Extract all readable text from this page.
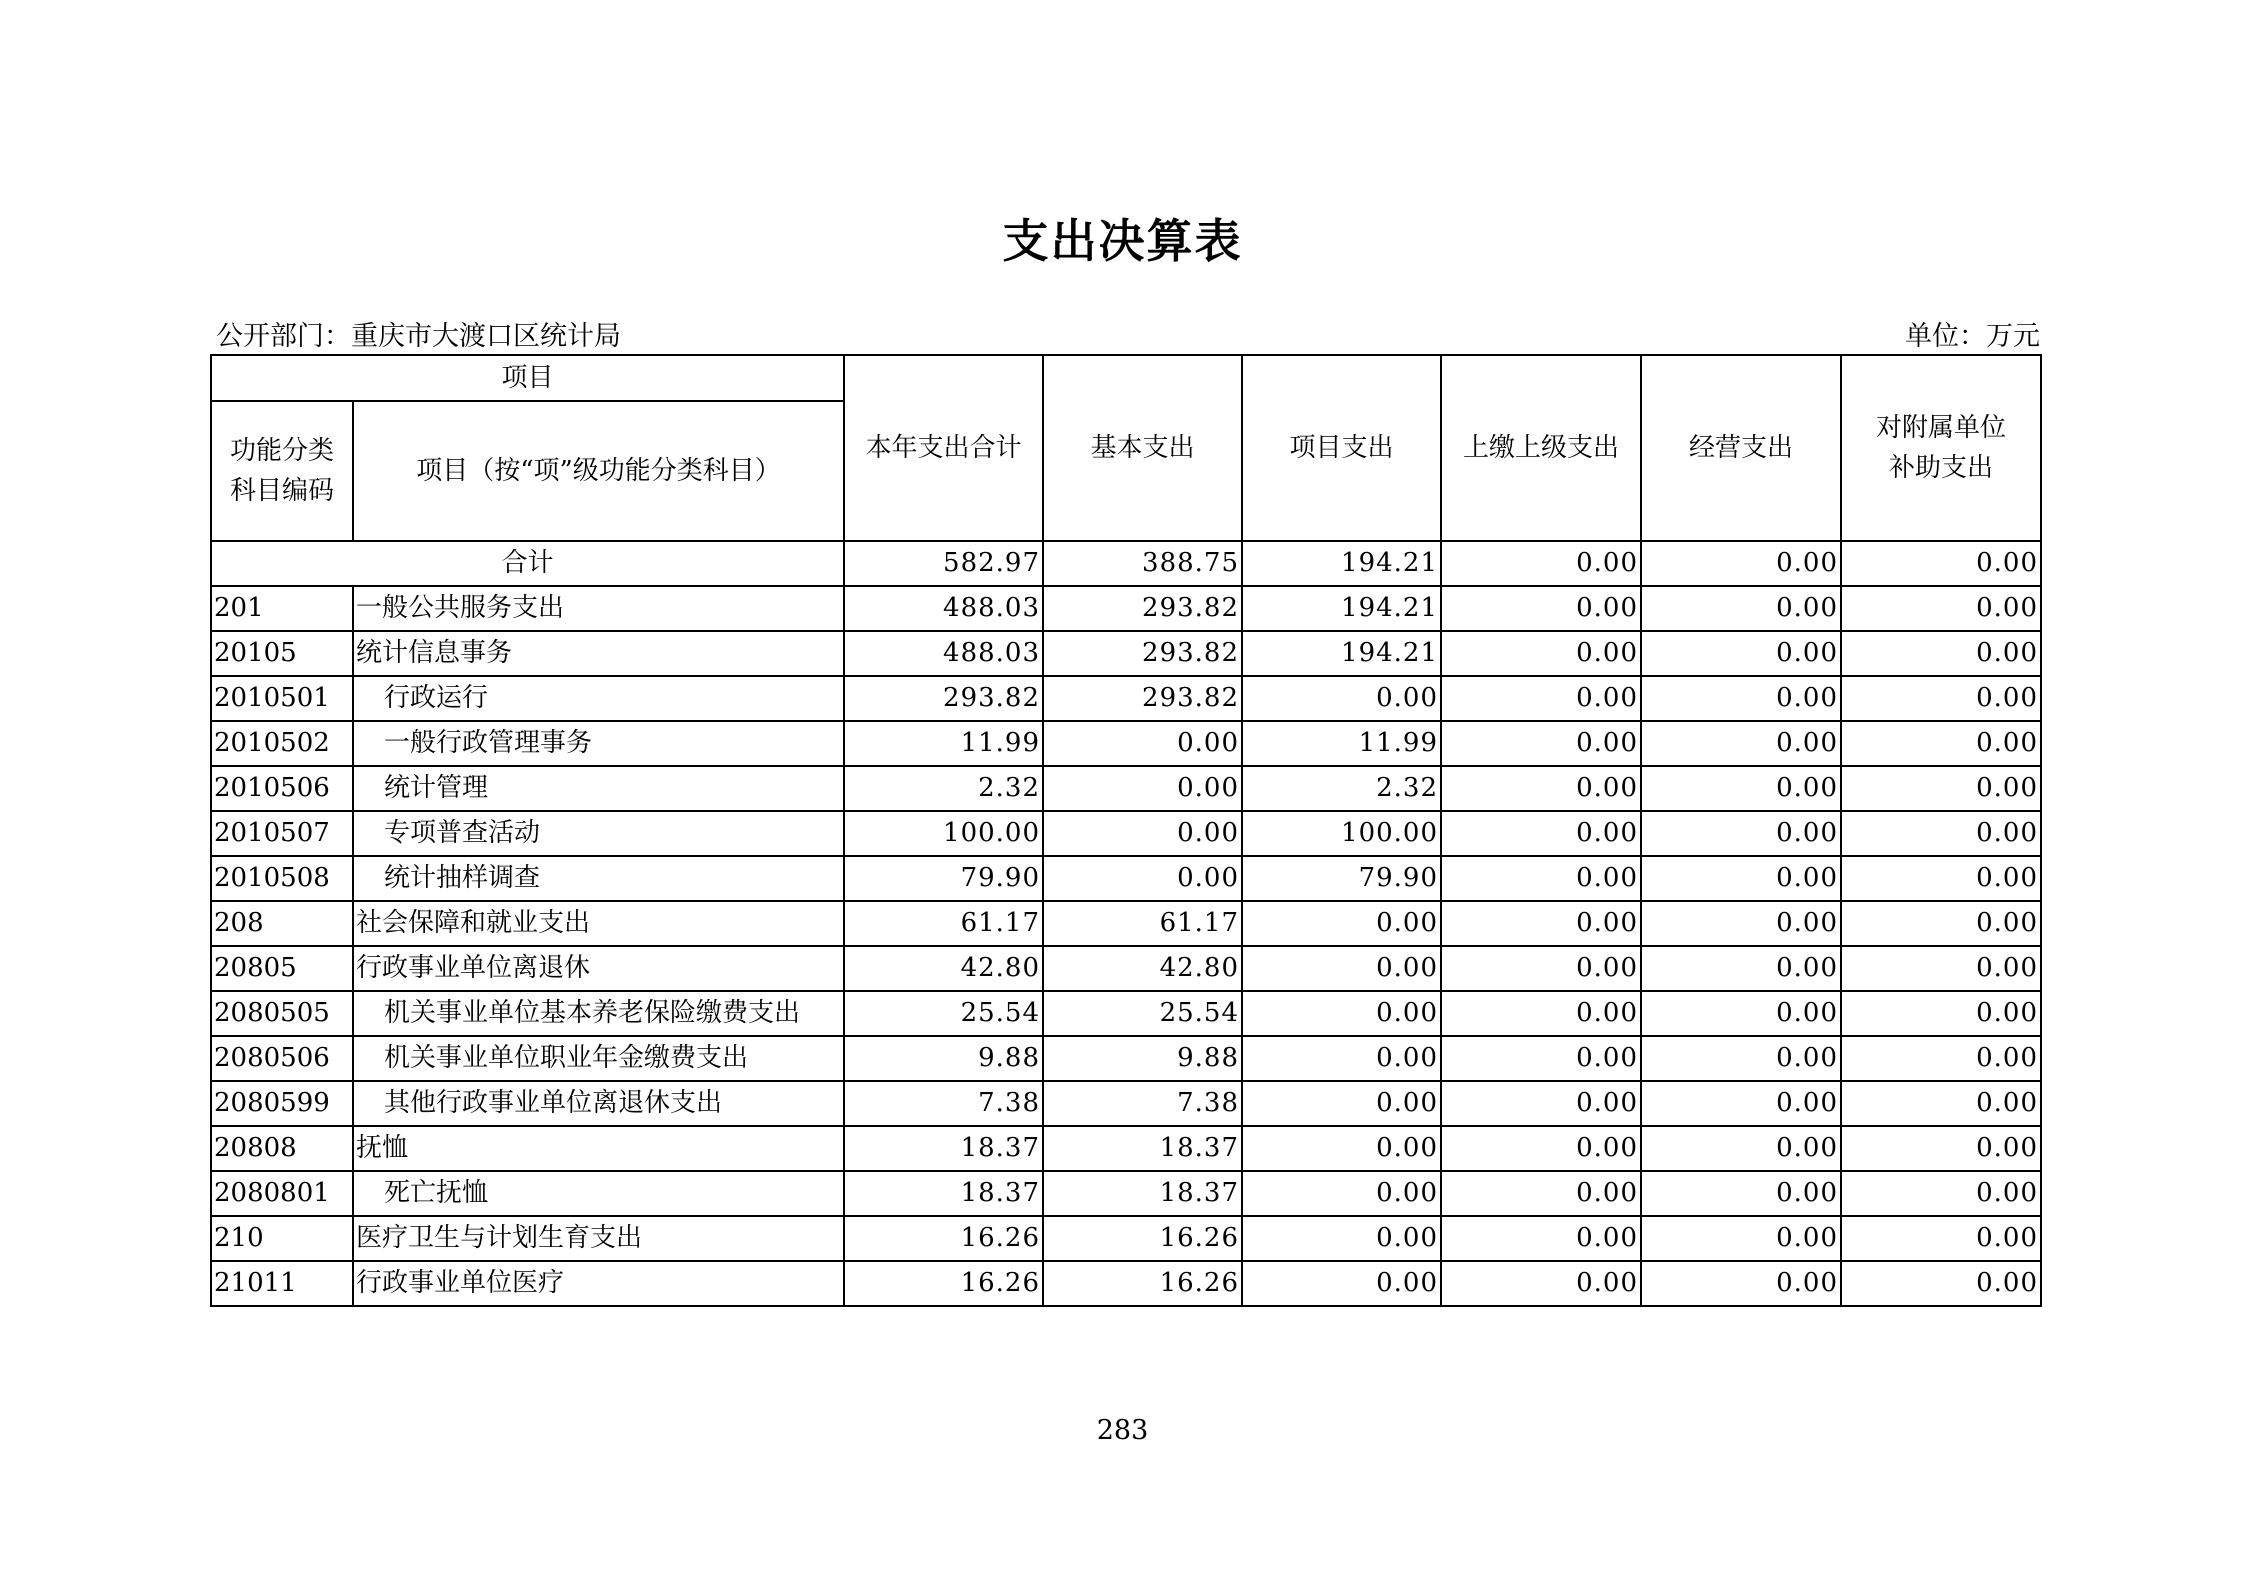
支出决算表
公开部门：重庆市大渡口区统计局	单位：万元
项目		本年支出合计	基本支出	项目支出	上缴上级支出	经营支出	对附属单位
补助支出
功能分类
科目编码	项目（按“项”级功能分类科目）						
合计		582.97	388.75	194.21	0.00	0.00	0.00
201	一般公共服务支出	488.03	293.82	194.21	0.00	0.00	0.00
20105	统计信息事务	488.03	293.82	194.21	0.00	0.00	0.00
2010501	行政运行	293.82	293.82	0.00	0.00	0.00	0.00
2010502	一般行政管理事务	11.99	0.00	11.99	0.00	0.00	0.00
2010506	统计管理	2.32	0.00	2.32	0.00	0.00	0.00
2010507	专项普查活动	100.00	0.00	100.00	0.00	0.00	0.00
2010508	统计抽样调查	79.90	0.00	79.90	0.00	0.00	0.00
208	社会保障和就业支出	61.17	61.17	0.00	0.00	0.00	0.00
20805	行政事业单位离退休	42.80	42.80	0.00	0.00	0.00	0.00
2080505	机关事业单位基本养老保险缴费支出	25.54	25.54	0.00	0.00	0.00	0.00
2080506	机关事业单位职业年金缴费支出	9.88	9.88	0.00	0.00	0.00	0.00
2080599	其他行政事业单位离退休支出	7.38	7.38	0.00	0.00	0.00	0.00
20808	抚恤	18.37	18.37	0.00	0.00	0.00	0.00
2080801	死亡抚恤	18.37	18.37	0.00	0.00	0.00	0.00
210	医疗卫生与计划生育支出	16.26	16.26	0.00	0.00	0.00	0.00
21011	行政事业单位医疗	16.26	16.26	0.00	0.00	0.00	0.00
283
